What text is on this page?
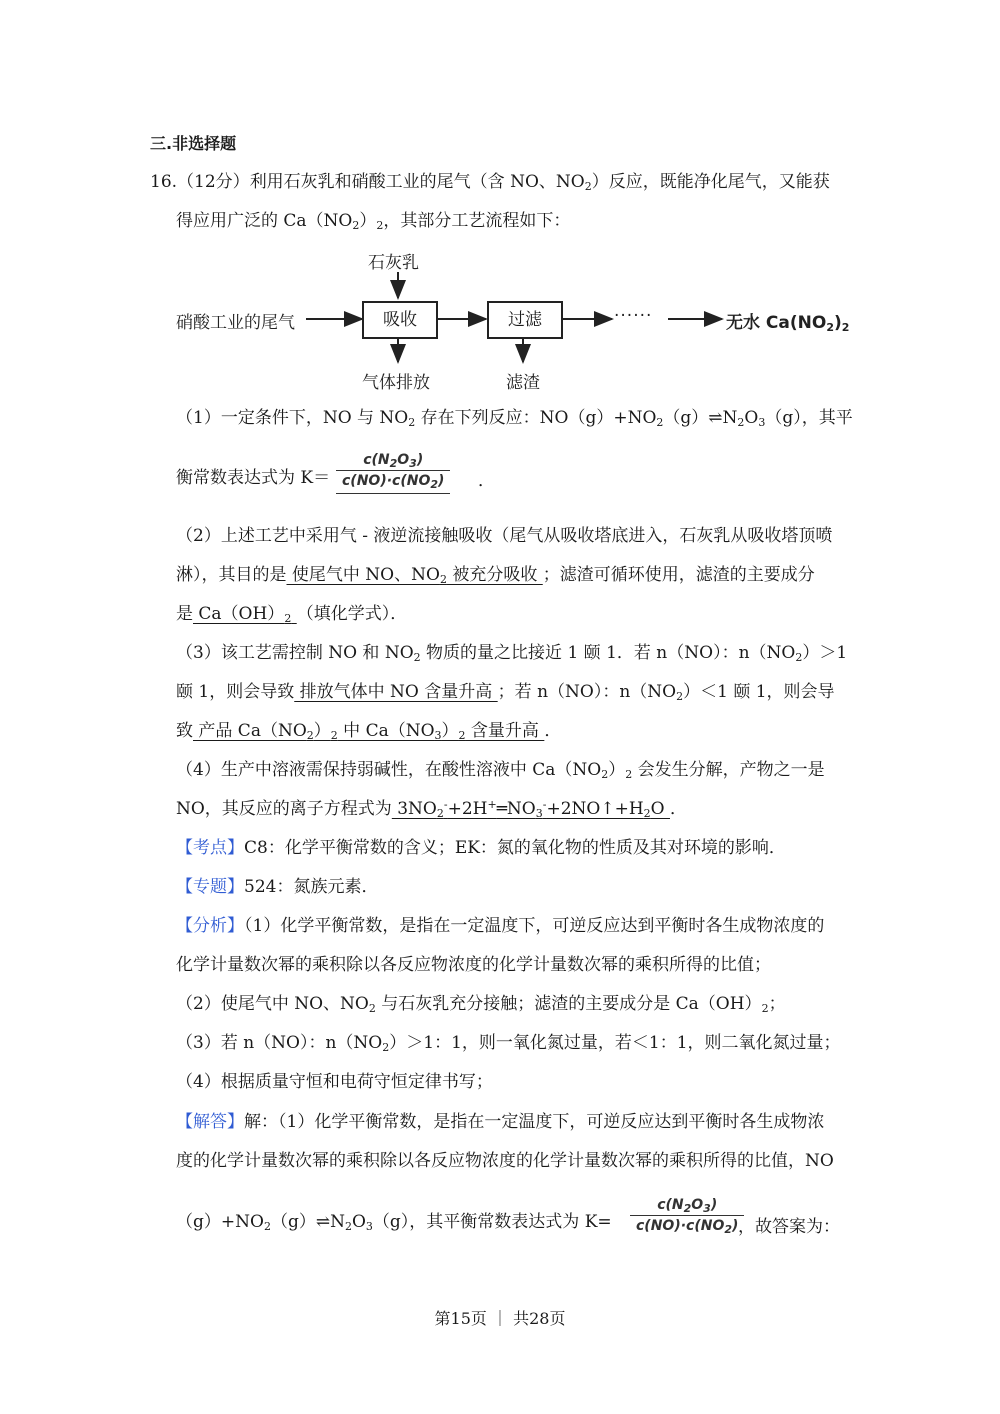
三.非选择题
16.（12分）利用石灰乳和硝酸工业的尾气（含 NO、$NO_2$）反应，既能净化尾气，又能获
得应用广泛的 $Ca(NO_2)_2$，其部分工艺流程如下：
硝酸工业的尾气
石灰乳
吸收	过滤	······	无水 $Ca(NO_2)_2$
气体排放	滤渣
（1）一定条件下，NO 与 $NO_2$ 存在下列反应：$NO(g)+NO_2(g)\rightleftharpoons N_2O_3(g)$，其平
衡常数表达式为 $K= \frac{c(N_2O_3)}{c(NO)\cdot c(NO_2)}$ ．
（2）上述工艺中采用气 - 液逆流接触吸收（尾气从吸收塔底进入，石灰乳从吸收塔顶喷
淋），其目的是 使尾气中 NO、$NO_2$ 被充分吸收 ；滤渣可循环使用，滤渣的主要成分
是 $Ca(OH)_2$ （填化学式）．
（3）该工艺需控制 NO 和 $NO_2$ 物质的量之比接近 1 颐 1．若 n（NO）：$n(NO_2)>1$
颐 1，则会导致 排放气体中 NO 含量升高 ；若 n（NO）：$n(NO_2)<1$ 颐 1，则会导
致 产品 $Ca(NO_2)_2$ 中 $Ca(NO_3)_2$ 含量升高 ．
（4）生产中溶液需保持弱碱性，在酸性溶液中 $Ca(NO_2)_2$ 会发生分解，产物之一是
NO，其反应的离子方程式为 $3NO_2^-+2H^+═NO_3^-+2NO↑+H_2O$ ．
【考点】C8：化学平衡常数的含义；EK：氮的氧化物的性质及其对环境的影响．
【专题】524：氮族元素．
【分析】（1）化学平衡常数，是指在一定温度下，可逆反应达到平衡时各生成物浓度的
化学计量数次幂的乘积除以各反应物浓度的化学计量数次幂的乘积所得的比值；
（2）使尾气中 NO、$NO_2$ 与石灰乳充分接触；滤渣的主要成分是 $Ca(OH)_2$；
（3）若 n（NO）：$n(NO_2)>1$：1，则一氧化氮过量，若＜1：1，则二氧化氮过量；
（4）根据质量守恒和电荷守恒定律书写；
【解答】解：（1）化学平衡常数，是指在一定温度下，可逆反应达到平衡时各生成物浓
度的化学计量数次幂的乘积除以各反应物浓度的化学计量数次幂的乘积所得的比值，NO
$(g)+NO_2(g)\rightleftharpoons N_2O_3(g)$，其平衡常数表达式为 $K= \frac{c(N_2O_3)}{c(NO)\cdot c(NO_2)}$
，故答案为：
第15页 ｜ 共28页
